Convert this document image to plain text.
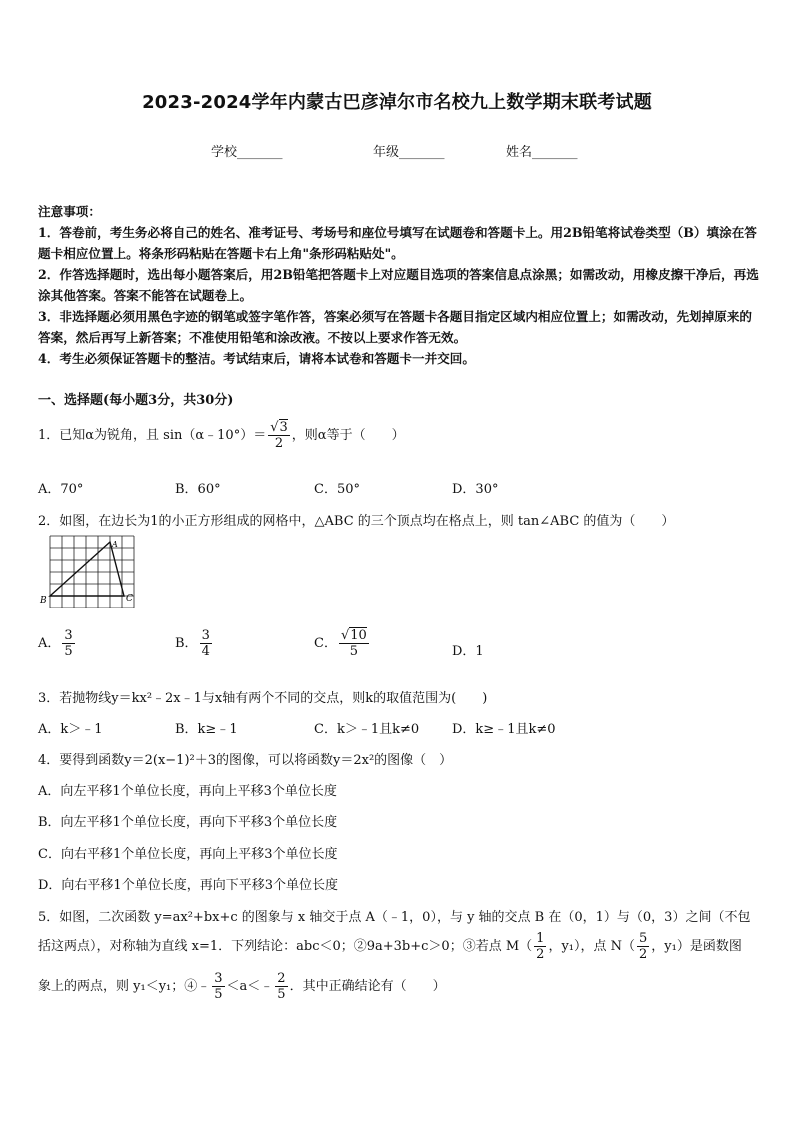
2023-2024学年内蒙古巴彦淖尔市名校九上数学期末联考试题
学校_______	年级_______	姓名_______
注意事项：
1．答卷前，考生务必将自己的姓名、准考证号、考场号和座位号填写在试题卷和答题卡上。用2B铅笔将试卷类型（B）填涂在答题卡相应位置上。将条形码粘贴在答题卡右上角"条形码粘贴处"。
2．作答选择题时，选出每小题答案后，用2B铅笔把答题卡上对应题目选项的答案信息点涂黑；如需改动，用橡皮擦干净后，再选涂其他答案。答案不能答在试题卷上。
3．非选择题必须用黑色字迹的钢笔或签字笔作答，答案必须写在答题卡各题目指定区域内相应位置上；如需改动，先划掉原来的答案，然后再写上新答案；不准使用铅笔和涂改液。不按以上要求作答无效。
4．考生必须保证答题卡的整洁。考试结束后，请将本试卷和答题卡一并交回。
一、选择题(每小题3分，共30分)
1．已知α为锐角，且 sin（α﹣10°）＝ $\frac{√3}{2}$ ，则α等于（　　）
A．70°	B．60°	C．50°	D．30°
2．如图，在边长为1的小正方形组成的网格中，△ABC 的三个顶点均在格点上，则 tan∠ABC 的值为（　　）
A
B	C
A． $\frac{3}{5}$	B． $\frac{3}{4}$	C． $\frac{√10}{5}$	D．1
3．若抛物线y＝kx²﹣2x﹣1与x轴有两个不同的交点，则k的取值范围为(　　)
A．k＞﹣1	B．k≥﹣1	C．k＞﹣1且k≠0	D．k≥﹣1且k≠0
4．要得到函数y＝2(x−1)²＋3的图像，可以将函数y＝2x²的图像（　）
A．向左平移1个单位长度，再向上平移3个单位长度
B．向左平移1个单位长度，再向下平移3个单位长度
C．向右平移1个单位长度，再向上平移3个单位长度
D．向右平移1个单位长度，再向下平移3个单位长度
5．如图，二次函数 y=ax²+bx+c 的图象与 x 轴交于点 A（﹣1，0），与 y 轴的交点 B 在（0，1）与（0，3）之间（不包
括这两点），对称轴为直线 x=1．下列结论：abc＜0；②9a+3b+c＞0；③若点 $M( \frac{1}{2}$ ，y₁），点 $N( \frac{5}{2}$ ，y₁）是函数图
象上的两点，则 y₁＜y₁；④﹣ $\frac{3}{5}$ ＜a＜﹣ $\frac{2}{5}$ ．其中正确结论有（　　）
